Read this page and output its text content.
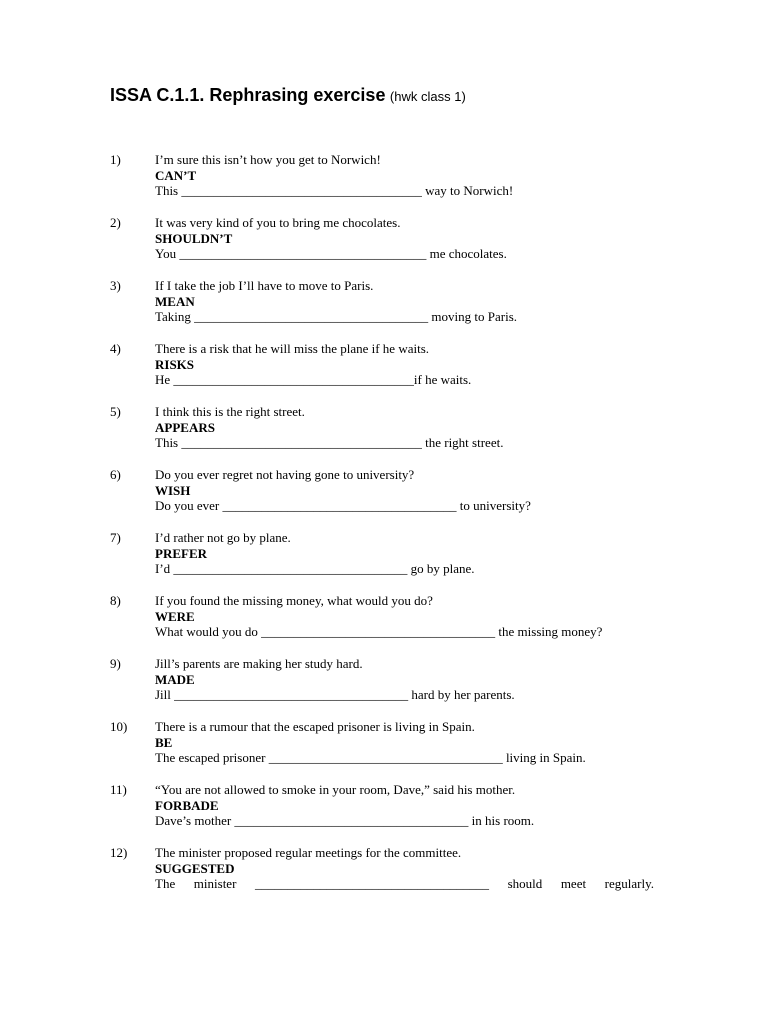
ISSA C.1.1. Rephrasing exercise (hwk class 1)
1)	I’m sure this isn’t how you get to Norwich!
CAN’T
This _____________________________________ way to Norwich!
2)	It was very kind of you to bring me chocolates.
SHOULDN’T
You ______________________________________ me chocolates.
3)	If I take the job I’ll have to move to Paris.
MEAN
Taking ____________________________________ moving to Paris.
4)	There is a risk that he will miss the plane if he waits.
RISKS
He _____________________________________if he waits.
5)	I think this is the right street.
APPEARS
This _____________________________________ the right street.
6)	Do you ever regret not having gone to university?
WISH
Do you ever ____________________________________ to university?
7)	I’d rather not go by plane.
PREFER
I’d ____________________________________ go by plane.
8)	If you found the missing money, what would you do?
WERE
What would you do ____________________________________ the missing money?
9)	Jill’s parents are making her study hard.
MADE
Jill ____________________________________ hard by her parents.
10) There is a rumour that the escaped prisoner is living in Spain.
BE
The escaped prisoner ____________________________________ living in Spain.
11) “You are not allowed to smoke in your room, Dave,” said his mother.
FORBADE
Dave’s mother ____________________________________ in his room.
12) The minister proposed regular meetings for the committee.
SUGGESTED
The minister ____________________________________ should meet regularly.
